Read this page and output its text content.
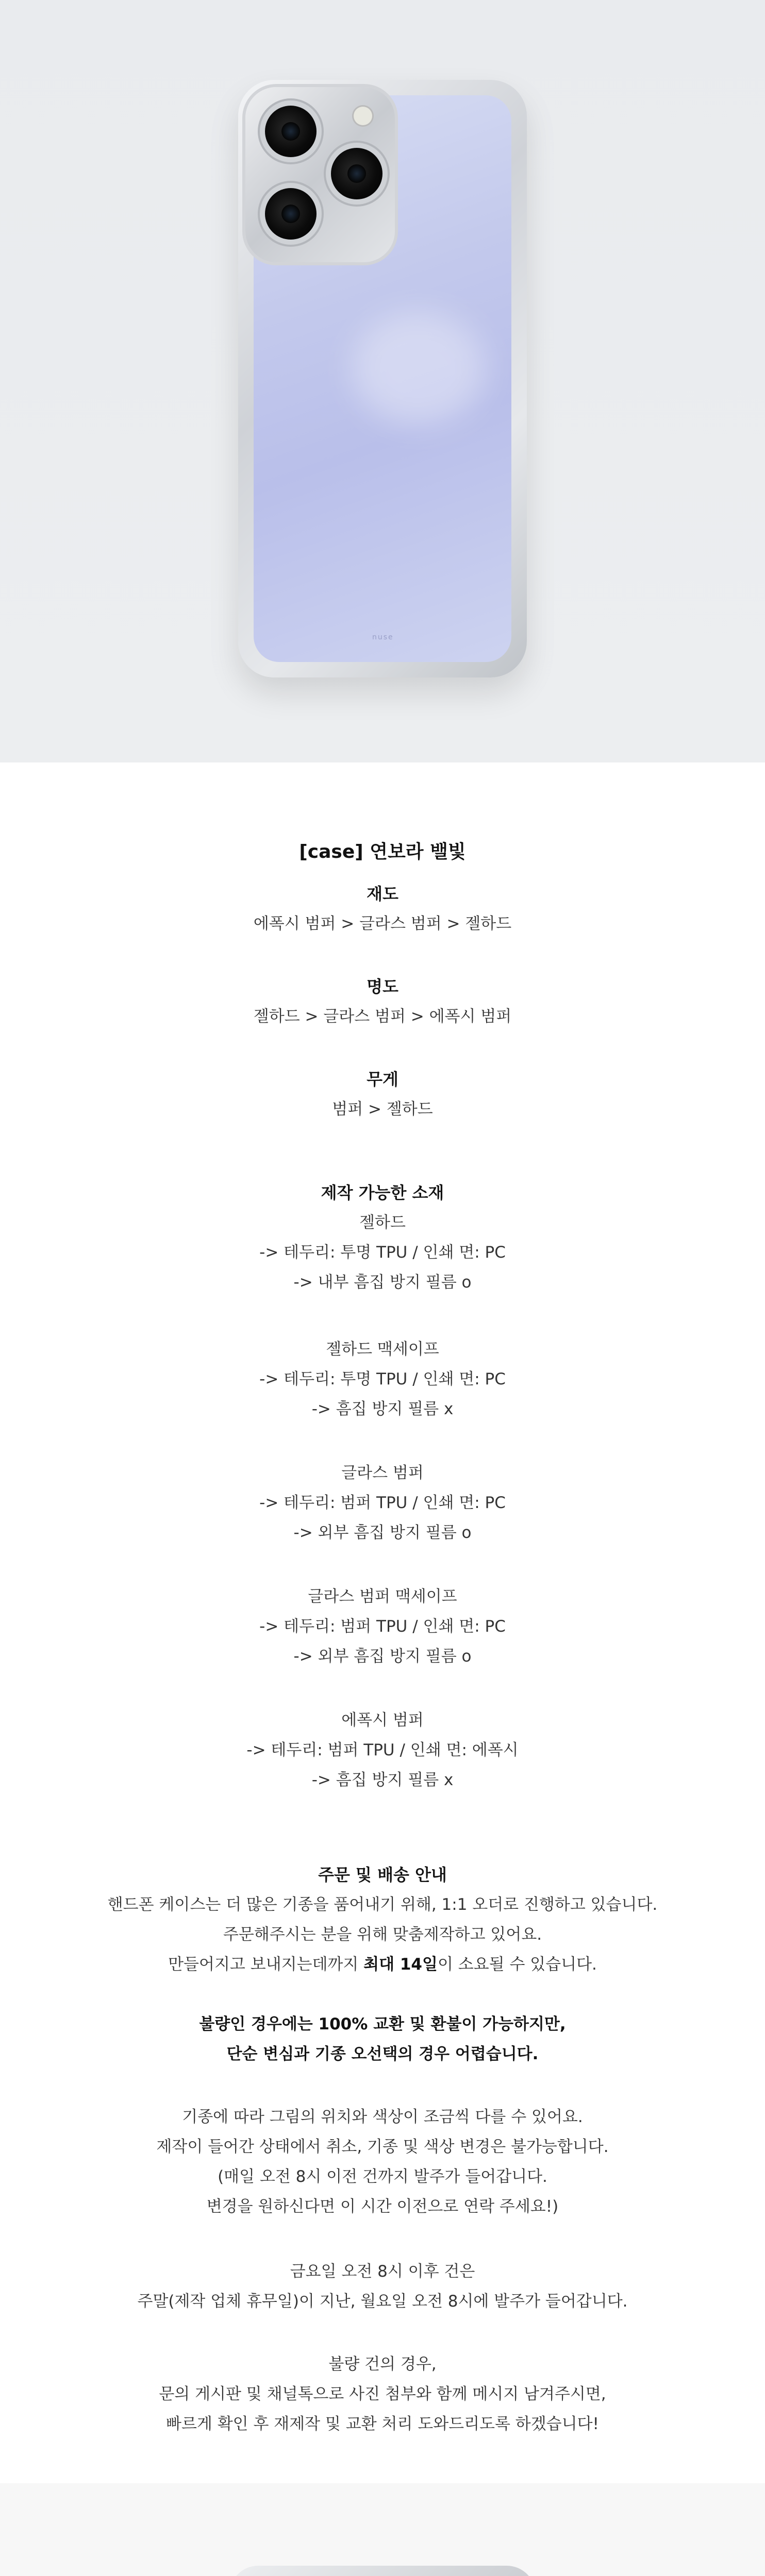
nuse
[case] 연보라 밸빛

재도

에폭시 범퍼 > 글라스 범퍼 > 젤하드

명도

젤하드 > 글라스 범퍼 > 에폭시 범퍼

무게

범퍼 > 젤하드

제작 가능한 소재

젤하드

-> 테두리: 투명 TPU / 인쇄 면: PC

-> 내부 흠집 방지 필름 o

젤하드 맥세이프

-> 테두리: 투명 TPU / 인쇄 면: PC

-> 흠집 방지 필름 x

글라스 범퍼

-> 테두리: 범퍼 TPU / 인쇄 면: PC

-> 외부 흠집 방지 필름 o

글라스 범퍼 맥세이프

-> 테두리: 범퍼 TPU / 인쇄 면: PC

-> 외부 흠집 방지 필름 o

에폭시 범퍼

-> 테두리: 범퍼 TPU / 인쇄 면: 에폭시

-> 흠집 방지 필름 x

주문 및 배송 안내

핸드폰 케이스는 더 많은 기종을 품어내기 위해, 1:1 오더로 진행하고 있습니다.

주문해주시는 분을 위해 맞춤제작하고 있어요.

만들어지고 보내지는데까지 최대 14일이 소요될 수 있습니다.

불량인 경우에는 100% 교환 및 환불이 가능하지만,

단순 변심과 기종 오선택의 경우 어렵습니다.

기종에 따라 그림의 위치와 색상이 조금씩 다를 수 있어요.

제작이 들어간 상태에서 취소, 기종 및 색상 변경은 불가능합니다.

(매일 오전 8시 이전 건까지 발주가 들어갑니다.

변경을 원하신다면 이 시간 이전으로 연락 주세요!)

금요일 오전 8시 이후 건은

주말(제작 업체 휴무일)이 지난, 월요일 오전 8시에 발주가 들어갑니다.

불량 건의 경우,

문의 게시판 및 채널톡으로 사진 첨부와 함께 메시지 남겨주시면,

빠르게 확인 후 재제작 및 교환 처리 도와드리도록 하겠습니다!
